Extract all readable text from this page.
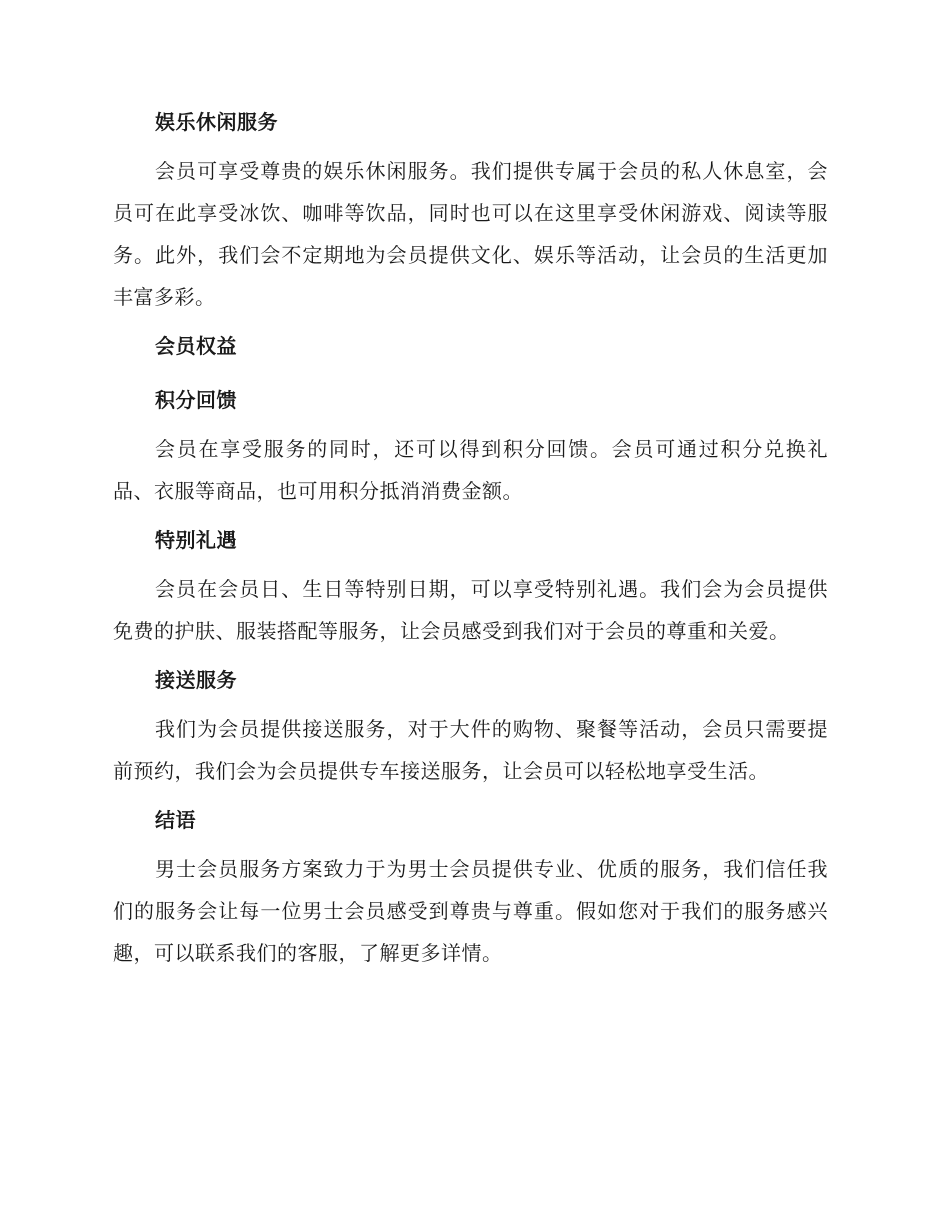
娱乐休闲服务

会员可享受尊贵的娱乐休闲服务。我们提供专属于会员的私人休息室，会员可在此享受冰饮、咖啡等饮品，同时也可以在这里享受休闲游戏、阅读等服务。此外，我们会不定期地为会员提供文化、娱乐等活动，让会员的生活更加丰富多彩。

会员权益
积分回馈

会员在享受服务的同时，还可以得到积分回馈。会员可通过积分兑换礼品、衣服等商品，也可用积分抵消消费金额。

特别礼遇

会员在会员日、生日等特别日期，可以享受特别礼遇。我们会为会员提供免费的护肤、服装搭配等服务，让会员感受到我们对于会员的尊重和关爱。

接送服务

我们为会员提供接送服务，对于大件的购物、聚餐等活动，会员只需要提前预约，我们会为会员提供专车接送服务，让会员可以轻松地享受生活。

结语

男士会员服务方案致力于为男士会员提供专业、优质的服务，我们信任我们的服务会让每一位男士会员感受到尊贵与尊重。假如您对于我们的服务感兴趣，可以联系我们的客服，了解更多详情。
